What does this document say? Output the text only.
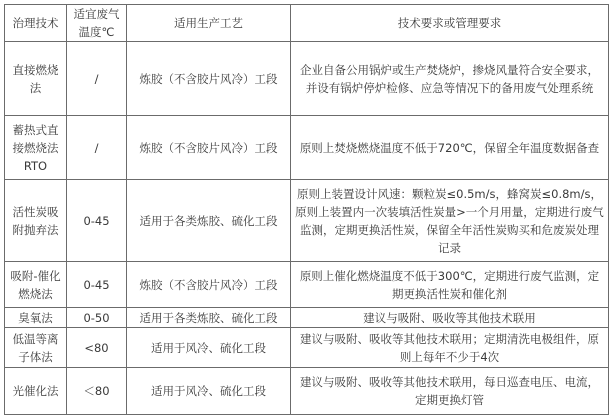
治理技术	适宜废气温度℃	适用生产工艺	技术要求或管理要求
直接燃烧法	/	炼胶（不含胶片风冷）工段	企业自备公用锅炉或生产焚烧炉，掺烧风量符合安全要求，并设有锅炉停炉检修、应急等情况下的备用废气处理系统
蓄热式直接燃烧法RTO	/	炼胶（不含胶片风冷）工段	原则上焚烧燃烧温度不低于720℃，保留全年温度数据备查
活性炭吸附抛弃法	0-45	适用于各类炼胶、硫化工段	原则上装置设计风速：颗粒炭≤0.5m/s，蜂窝炭≤0.8m/s，原则上装置内一次装填活性炭量>一个月用量，定期进行废气监测，定期更换活性炭，保留全年活性炭购买和危废炭处理记录
吸附-催化燃烧法	0-45	炼胶（不含胶片风冷）工段	原则上催化燃烧温度不低于300℃，定期进行废气监测，定期更换活性炭和催化剂
臭氧法	0-50	适用于各类炼胶、硫化工段	建议与吸附、吸收等其他技术联用
低温等离子体法	<80	适用于风冷、硫化工段	建议与吸附、吸收等其他技术联用；定期清洗电极组件，原则上每年不少于4次
光催化法	＜80	适用于风冷、硫化工段	建议与吸附、吸收等其他技术联用，每日巡查电压、电流，定期更换灯管
